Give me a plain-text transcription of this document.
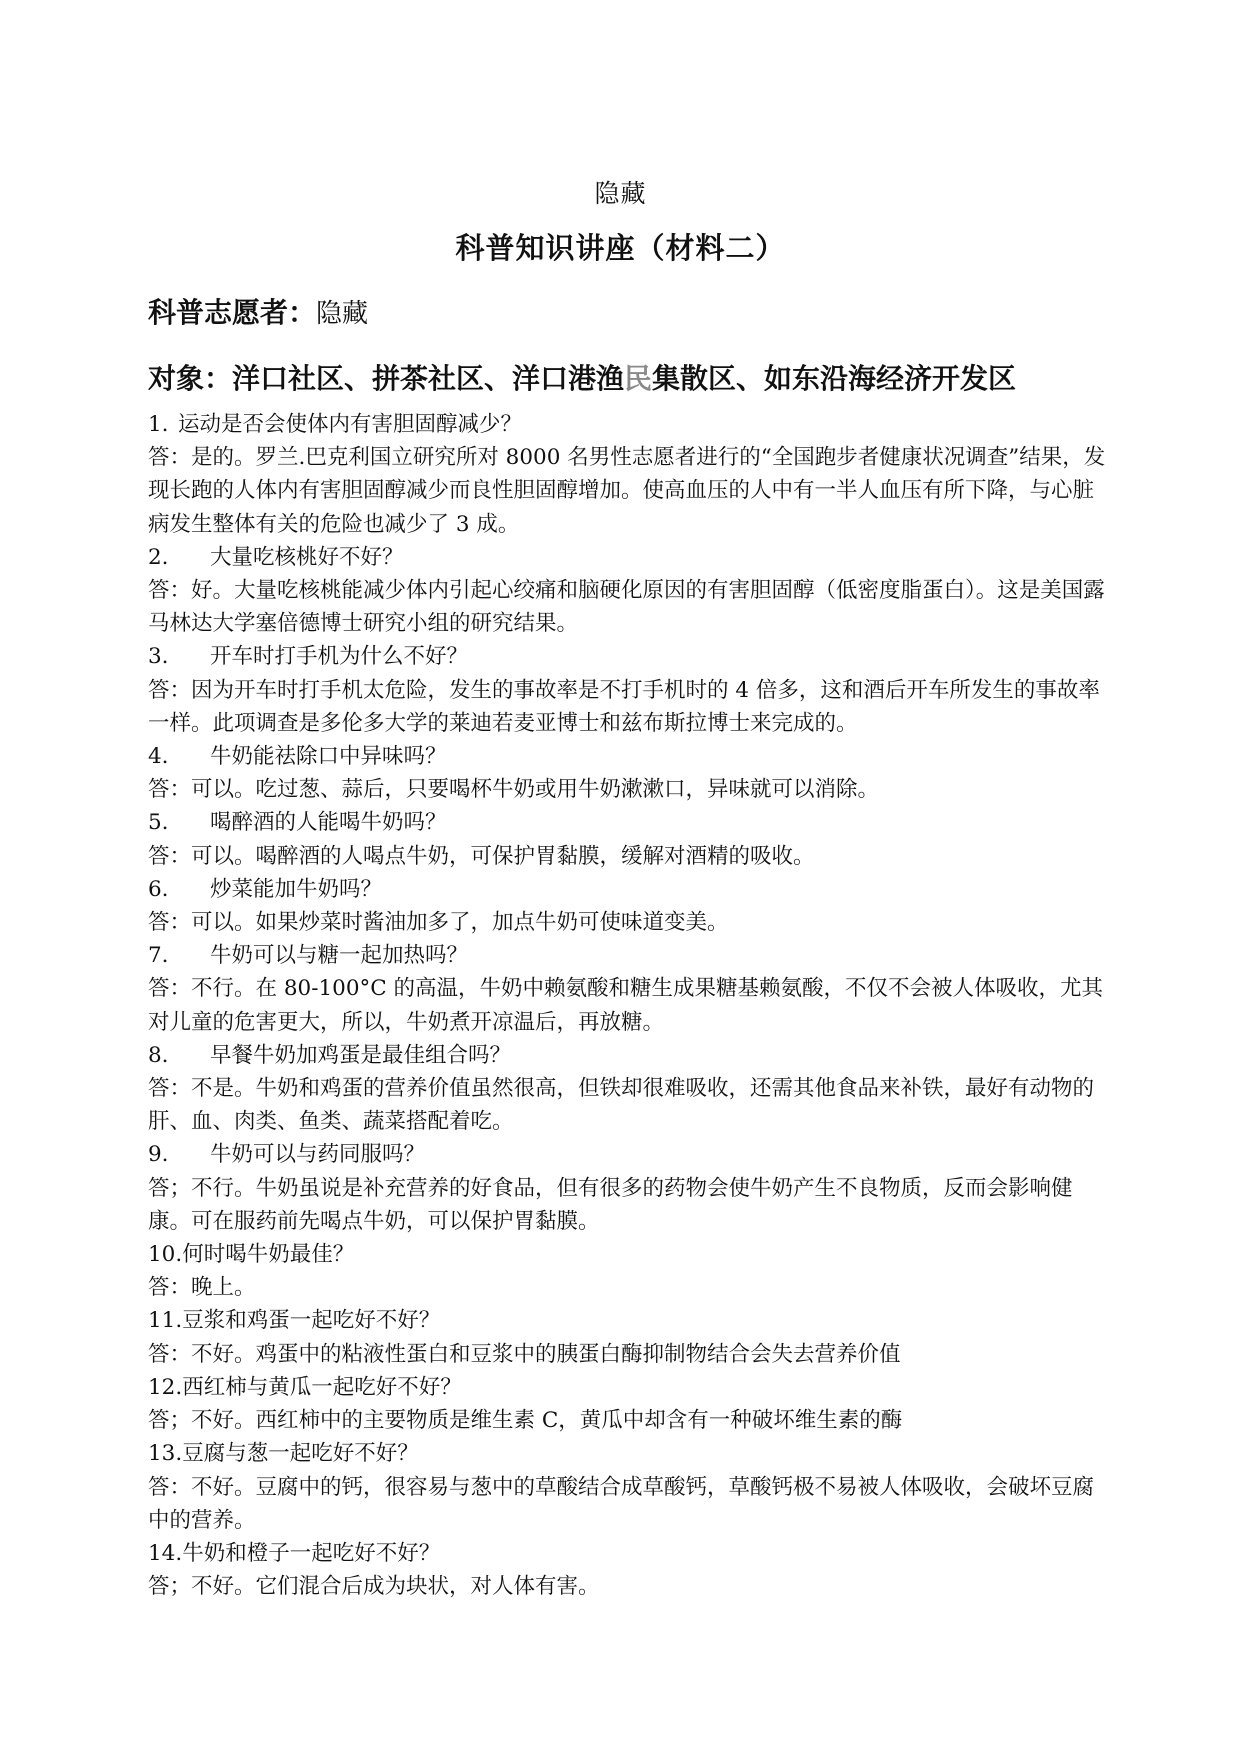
隐藏
科普知识讲座（材料二）
科普志愿者：隐藏
对象：洋口社区、拼茶社区、洋口港渔民集散区、如东沿海经济开发区

1. 运动是否会使体内有害胆固醇减少？

答：是的。罗兰.巴克利国立研究所对 8000 名男性志愿者进行的“全国跑步者健康状况调查”结果，发现长跑的人体内有害胆固醇减少而良性胆固醇增加。使高血压的人中有一半人血压有所下降，与心脏病发生整体有关的危险也减少了 3 成。

2. 大量吃核桃好不好？

答：好。大量吃核桃能减少体内引起心绞痛和脑硬化原因的有害胆固醇（低密度脂蛋白）。这是美国露马林达大学塞倍德博士研究小组的研究结果。

3. 开车时打手机为什么不好？

答：因为开车时打手机太危险，发生的事故率是不打手机时的 4 倍多，这和酒后开车所发生的事故率一样。此项调查是多伦多大学的莱迪若麦亚博士和兹布斯拉博士来完成的。

4. 牛奶能祛除口中异味吗？

答：可以。吃过葱、蒜后，只要喝杯牛奶或用牛奶漱漱口，异味就可以消除。

5. 喝醉酒的人能喝牛奶吗？

答：可以。喝醉酒的人喝点牛奶，可保护胃黏膜，缓解对酒精的吸收。

6. 炒菜能加牛奶吗？

答：可以。如果炒菜时酱油加多了，加点牛奶可使味道变美。

7. 牛奶可以与糖一起加热吗？

答：不行。在 80-100°C 的高温，牛奶中赖氨酸和糖生成果糖基赖氨酸，不仅不会被人体吸收，尤其对儿童的危害更大，所以，牛奶煮开凉温后，再放糖。

8. 早餐牛奶加鸡蛋是最佳组合吗？

答：不是。牛奶和鸡蛋的营养价值虽然很高，但铁却很难吸收，还需其他食品来补铁，最好有动物的肝、血、肉类、鱼类、蔬菜搭配着吃。

9. 牛奶可以与药同服吗？

答；不行。牛奶虽说是补充营养的好食品，但有很多的药物会使牛奶产生不良物质，反而会影响健康。可在服药前先喝点牛奶，可以保护胃黏膜。

10.何时喝牛奶最佳？

答：晚上。

11.豆浆和鸡蛋一起吃好不好？

答：不好。鸡蛋中的粘液性蛋白和豆浆中的胰蛋白酶抑制物结合会失去营养价值

12.西红柿与黄瓜一起吃好不好？

答；不好。西红柿中的主要物质是维生素 C，黄瓜中却含有一种破坏维生素的酶

13.豆腐与葱一起吃好不好？

答：不好。豆腐中的钙，很容易与葱中的草酸结合成草酸钙，草酸钙极不易被人体吸收，会破坏豆腐中的营养。

14.牛奶和橙子一起吃好不好？

答；不好。它们混合后成为块状，对人体有害。
